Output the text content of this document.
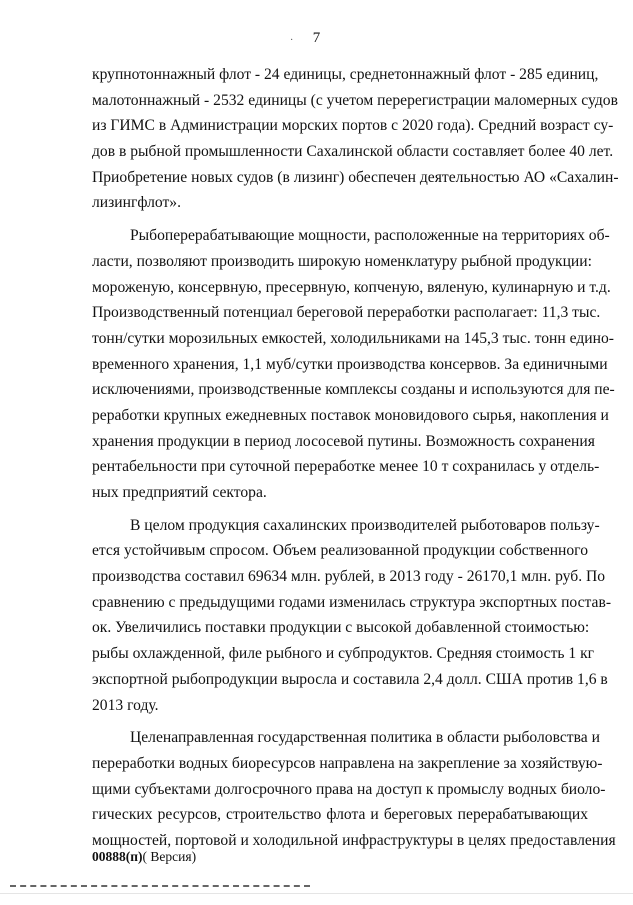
·	7
крупнотоннажный флот - 24 единицы, среднетоннажный флот - 285 единиц,
малотоннажный - 2532 единицы (с учетом перерегистрации маломерных судов
из ГИМС в Администрации морских портов с 2020 года). Средний возраст су-
дов в рыбной промышленности Сахалинской области составляет более 40 лет.
Приобретение новых судов (в лизинг) обеспечен деятельностью АО «Сахалин-
лизингфлот».
Рыбоперерабатывающие мощности, расположенные на территориях об-
ласти, позволяют производить широкую номенклатуру рыбной продукции:
мороженую, консервную, пресервную, копченую, вяленую, кулинарную и т.д.
Производственный потенциал береговой переработки располагает: 11,3 тыс.
тонн/сутки морозильных емкостей, холодильниками на 145,3 тыс. тонн едино-
временного хранения, 1,1 муб/сутки производства консервов. За единичными
исключениями, производственные комплексы созданы и используются для пе-
реработки крупных ежедневных поставок моновидового сырья, накопления и
хранения продукции в период лососевой путины. Возможность сохранения
рентабельности при суточной переработке менее 10 т сохранилась у отдель-
ных предприятий сектора.
В целом продукция сахалинских производителей рыботоваров пользу-
ется устойчивым спросом. Объем реализованной продукции собственного
производства составил 69634 млн. рублей, в 2013 году - 26170,1 млн. руб. По
сравнению с предыдущими годами изменилась структура экспортных постав-
ок. Увеличились поставки продукции с высокой добавленной стоимостью:
рыбы охлажденной, филе рыбного и субпродуктов. Средняя стоимость 1 кг
экспортной рыбопродукции выросла и составила 2,4 долл. США против 1,6 в
2013 году.
Целенаправленная государственная политика в области рыболовства и
переработки водных биоресурсов направлена на закрепление за хозяйствую-
щими субъектами долгосрочного права на доступ к промыслу водных биоло-
гических ресурсов, строительство флота и береговых перерабатывающих
мощностей, портовой и холодильной инфраструктуры в целях предоставления
00888(п)( Версия)
